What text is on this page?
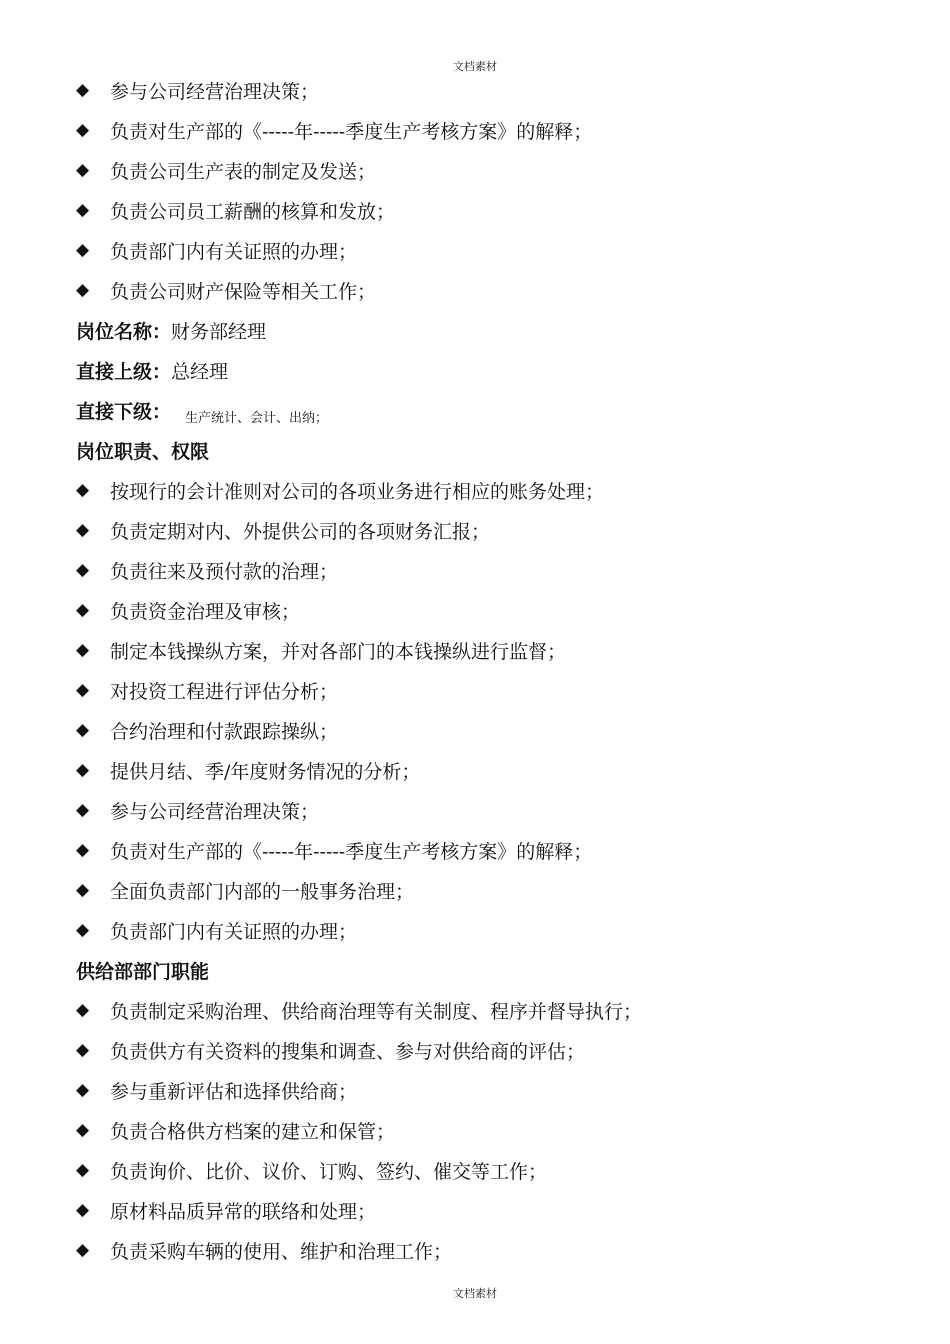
文档素材
◆	参与公司经营治理决策；
◆	负责对生产部的《-----年-----季度生产考核方案》的解释；
◆	负责公司生产表的制定及发送；
◆	负责公司员工薪酬的核算和发放；
◆	负责部门内有关证照的办理；
◆	负责公司财产保险等相关工作；
岗位名称： 财务部经理
直接上级： 总经理
直接下级： 生产统计、会计、出纳；
岗位职责、权限
◆	按现行的会计准则对公司的各项业务进行相应的账务处理；
◆	负责定期对内、外提供公司的各项财务汇报；
◆	负责往来及预付款的治理；
◆	负责资金治理及审核；
◆	制定本钱操纵方案，并对各部门的本钱操纵进行监督；
◆	对投资工程进行评估分析；
◆	合约治理和付款跟踪操纵；
◆	提供月结、季/年度财务情况的分析；
◆	参与公司经营治理决策；
◆	负责对生产部的《-----年-----季度生产考核方案》的解释；
◆	全面负责部门内部的一般事务治理；
◆	负责部门内有关证照的办理；
供给部部门职能
◆	负责制定采购治理、供给商治理等有关制度、程序并督导执行；
◆	负责供方有关资料的搜集和调查、参与对供给商的评估；
◆	参与重新评估和选择供给商；
◆	负责合格供方档案的建立和保管；
◆	负责询价、比价、议价、订购、签约、催交等工作；
◆	原材料品质异常的联络和处理；
◆	负责采购车辆的使用、维护和治理工作；
文档素材
